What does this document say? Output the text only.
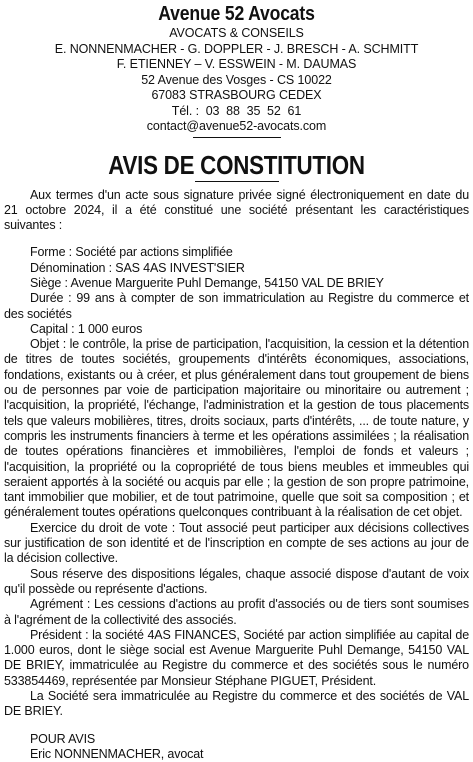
Avenue 52 Avocats
AVOCATS & CONSEILS
E. NONNENMACHER - G. DOPPLER - J. BRESCH - A. SCHMITT
F. ETIENNEY – V. ESSWEIN - M. DAUMAS
52 Avenue des Vosges - CS 10022
67083 STRASBOURG CEDEX
Tél. :  03  88  35  52  61
contact@avenue52-avocats.com
AVIS DE CONSTITUTION

Aux termes d'un acte sous signature privée signé électroniquement en date du 21 octobre 2024, il a été constitué une société présentant les caractéristiques suivantes :

Forme : Société par actions simplifiée

Dénomination : SAS 4AS INVEST'SIER

Siège : Avenue Marguerite Puhl Demange, 54150 VAL DE BRIEY

Durée : 99 ans à compter de son immatriculation au Registre du commerce et des sociétés

Capital : 1 000 euros

Objet : le contrôle, la prise de participation, l'acquisition, la cession et la détention de titres de toutes sociétés, groupements d'intérêts économiques, associations, fondations, existants ou à créer, et plus généralement dans tout groupement de biens ou de personnes par voie de participation majoritaire ou minoritaire ou autrement ; l'acquisition, la propriété, l'échange, l'administration et la gestion de tous placements tels que valeurs mobilières, titres, droits sociaux, parts d'intérêts, ... de toute nature, y compris les instruments financiers à terme et les opérations assimilées ; la réalisation de toutes opérations financières et immobilières, l'emploi de fonds et valeurs ; l'acquisition, la propriété ou la copropriété de tous biens meubles et immeubles qui seraient apportés à la société ou acquis par elle ; la gestion de son propre patrimoine, tant immobilier que mobilier, et de tout patrimoine, quelle que soit sa composition ; et généralement toutes opérations quelconques contribuant à la réalisation de cet objet.

Exercice du droit de vote : Tout associé peut participer aux décisions collectives sur justification de son identité et de l'inscription en compte de ses actions au jour de la décision collective.

Sous réserve des dispositions légales, chaque associé dispose d'autant de voix qu'il possède ou représente d'actions.

Agrément : Les cessions d'actions au profit d'associés ou de tiers sont soumises à l'agrément de la collectivité des associés.

Président : la société 4AS FINANCES, Société par action simplifiée au capital de 1.000 euros, dont le siège social est Avenue Marguerite Puhl Demange, 54150 VAL DE BRIEY, immatriculée au Registre du commerce et des sociétés sous le numéro 533854469, représentée par Monsieur Stéphane PIGUET, Président.

La Société sera immatriculée au Registre du commerce et des sociétés de VAL DE BRIEY.

POUR AVIS
Eric NONNENMACHER, avocat
